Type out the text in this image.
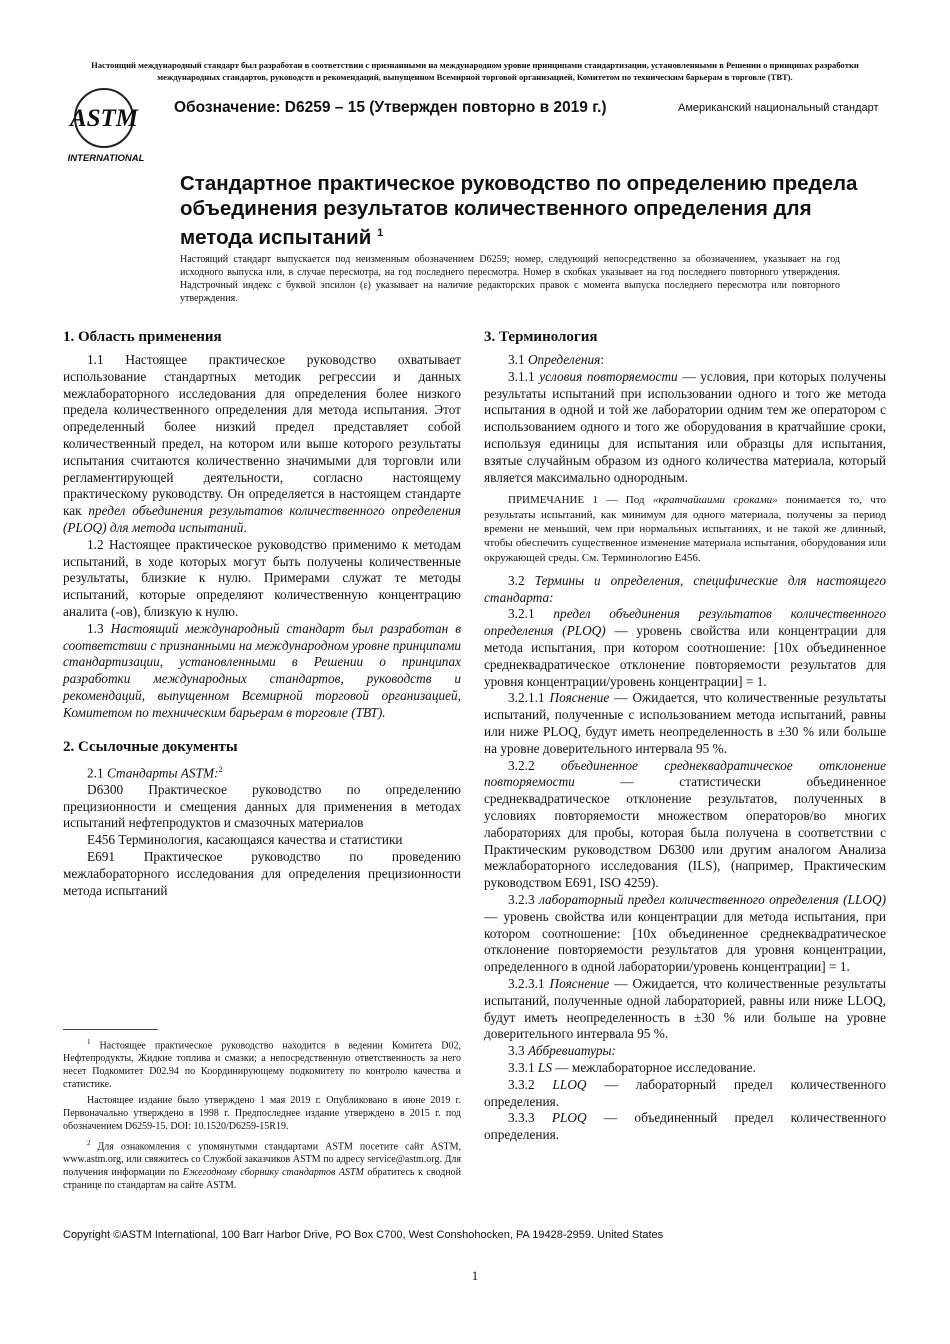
Настоящий международный стандарт был разработан в соответствии с признанными на международном уровне принципами стандартизации, установленными в Решении о принципах разработки международных стандартов, руководств и рекомендаций, выпущенном Всемирной торговой организацией, Комитетом по техническим барьерам в торговле (ТВТ).
ASTM
INTERNATIONAL
Обозначение: D6259 – 15 (Утвержден повторно в 2019 г.)	Американский национальный стандарт
Стандартное практическое руководство по определению предела объединения результатов количественного определения для метода испытаний $^1$
Настоящий стандарт выпускается под неизменным обозначением D6259; номер, следующий непосредственно за обозначением, указывает на год исходного выпуска или, в случае пересмотра, на год последнего пересмотра. Номер в скобках указывает на год последнего повторного утверждения. Надстрочный индекс с буквой эпсилон (ε) указывает на наличие редакторских правок с момента выпуска последнего пересмотра или повторного утверждения.
1. Область применения

1.1 Настоящее практическое руководство охватывает использование стандартных методик регрессии и данных межлабораторного исследования для определения более низкого предела количественного определения для метода испытания. Этот определенный более низкий предел представляет собой количественный предел, на котором или выше которого результаты испытания считаются количественно значимыми для торговли или регламентирующей деятельности, согласно настоящему практическому руководству. Он определяется в настоящем стандарте как предел объединения результатов количественного определения (PLOQ) для метода испытаний.

1.2 Настоящее практическое руководство применимо к методам испытаний, в ходе которых могут быть получены количественные результаты, близкие к нулю. Примерами служат те методы испытаний, которые определяют количественную концентрацию аналита (-ов), близкую к нулю.

1.3 Настоящий международный стандарт был разработан в соответствии с признанными на международном уровне принципами стандартизации, установленными в Решении о принципах разработки международных стандартов, руководств и рекомендаций, выпущенном Всемирной торговой организацией, Комитетом по техническим барьерам в торговле (ТВТ).

2. Ссылочные документы

2.1 Стандарты ASTM:$^2$

D6300 Практическое руководство по определению прецизионности и смещения данных для применения в методах испытаний нефтепродуктов и смазочных материалов

E456 Терминология, касающаяся качества и статистики

E691 Практическое руководство по проведению межлабораторного исследования для определения прецизионности метода испытаний

$^1$ Настоящее практическое руководство находится в ведении Комитета D02, Нефтепродукты, Жидкие топлива и смазки; а непосредственную ответственность за него несет Подкомитет D02.94 по Координирующему подкомитету по контролю качества и статистике.

Настоящее издание было утверждено 1 мая 2019 г. Опубликовано в июне 2019 г. Первоначально утверждено в 1998 г. Предпоследнее издание утверждено в 2015 г. под обозначением D6259-15. DOI: 10.1520/D6259-15R19.

$^2$ Для ознакомления с упомянутыми стандартами ASTM посетите сайт ASTM, www.astm.org, или свяжитесь со Службой заказчиков ASTM по адресу service@astm.org. Для получения информации по Ежегодному сборнику стандартов ASTM обратитесь к сводной странице по стандартам на сайте ASTM.

3. Терминология

3.1 Определения:

3.1.1 условия повторяемости — условия, при которых получены результаты испытаний при использовании одного и того же метода испытания в одной и той же лаборатории одним тем же оператором с использованием одного и того же оборудования в кратчайшие сроки, используя единицы для испытания или образцы для испытания, взятые случайным образом из одного количества материала, который является максимально однородным.

ПРИМЕЧАНИЕ 1 — Под «кратчайшими сроками» понимается то, что результаты испытаний, как минимум для одного материала, получены за период времени не меньший, чем при нормальных испытаниях, и не такой же длинный, чтобы обеспечить существенное изменение материала испытания, оборудования или окружающей среды. См. Терминологию E456.

3.2 Термины и определения, специфические для настоящего стандарта:

3.2.1 предел объединения результатов количественного определения (PLOQ) — уровень свойства или концентрации для метода испытания, при котором соотношение: [10x объединенное среднеквадратическое отклонение повторяемости результатов для уровня концентрации/уровень концентрации] = 1.

3.2.1.1 Пояснение — Ожидается, что количественные результаты испытаний, полученные с использованием метода испытаний, равны или ниже PLOQ, будут иметь неопределенность в ±30 % или больше на уровне доверительного интервала 95 %.

3.2.2 объединенное среднеквадратическое отклонение повторяемости — статистически объединенное среднеквадратическое отклонение результатов, полученных в условиях повторяемости множеством операторов/во многих лабораториях для пробы, которая была получена в соответствии с Практическим руководством D6300 или другим аналогом Анализа межлабораторного исследования (ILS), (например, Практическим руководством E691, ISO 4259).

3.2.3 лабораторный предел количественного определения (LLOQ) — уровень свойства или концентрации для метода испытания, при котором соотношение: [10x объединенное среднеквадратическое отклонение повторяемости результатов для уровня концентрации, определенного в одной лаборатории/уровень концентрации] = 1.

3.2.3.1 Пояснение — Ожидается, что количественные результаты испытаний, полученные одной лабораторией, равны или ниже LLOQ, будут иметь неопределенность в ±30 % или больше на уровне доверительного интервала 95 %.

3.3 Аббревиатуры:

3.3.1 LS — межлабораторное исследование.

3.3.2 LLOQ — лабораторный предел количественного определения.

3.3.3 PLOQ — объединенный предел количественного определения.

Copyright ©ASTM International, 100 Barr Harbor Drive, PO Box C700, West Conshohocken, PA 19428-2959. United States
1
